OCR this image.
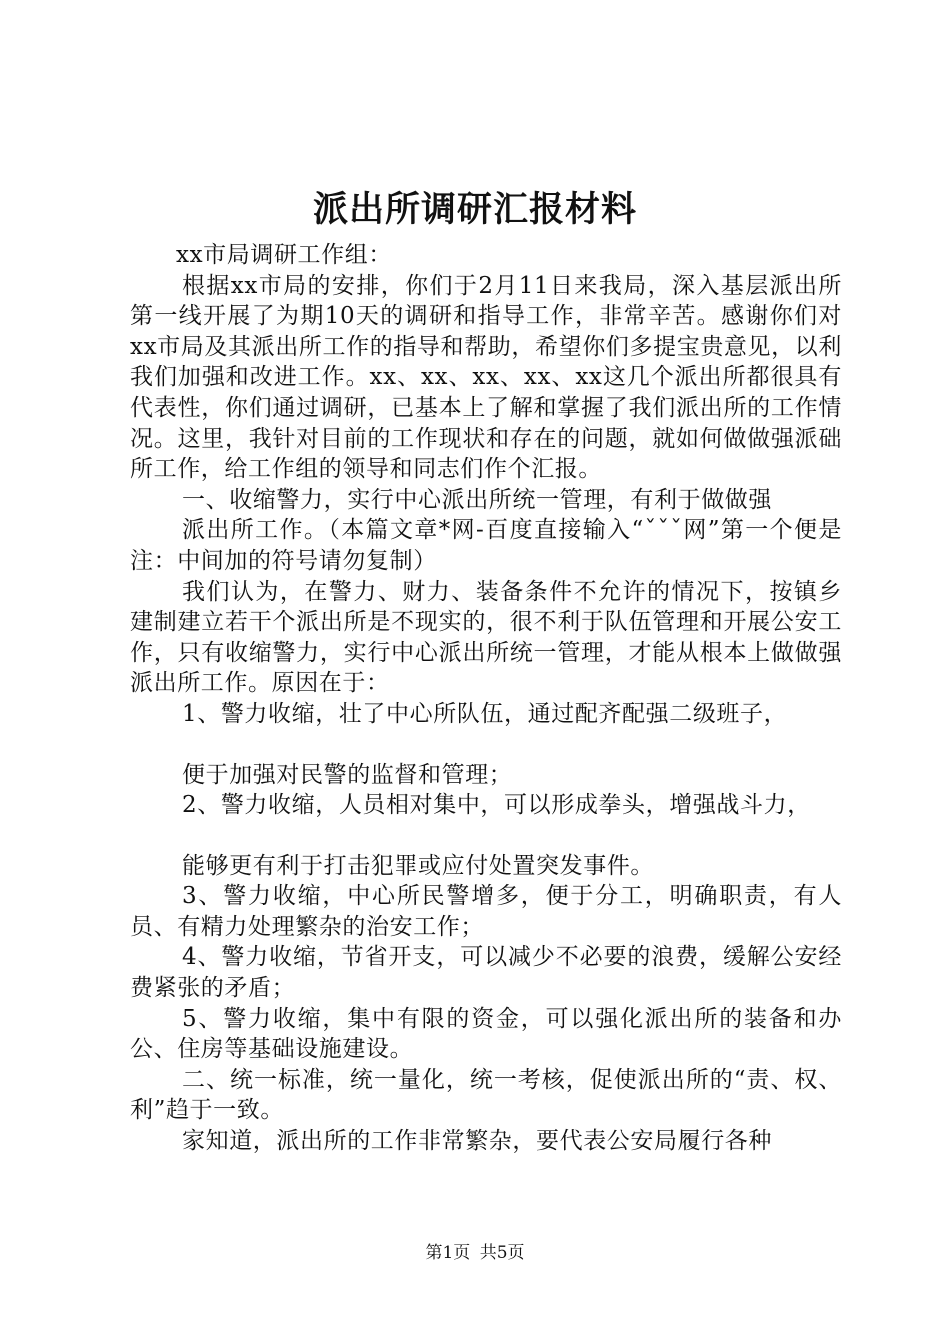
派出所调研汇报材料

xx市局调研工作组：

根据xx市局的安排，你们于2月11日来我局，深入基层派出所第一线开展了为期10天的调研和指导工作，非常辛苦。感谢你们对xx市局及其派出所工作的指导和帮助，希望你们多提宝贵意见，以利我们加强和改进工作。xx、xx、xx、xx、xx这几个派出所都很具有代表性，你们通过调研，已基本上了解和掌握了我们派出所的工作情况。这里，我针对目前的工作现状和存在的问题，就如何做做强派础所工作，给工作组的领导和同志们作个汇报。

一、收缩警力，实行中心派出所统一管理，有利于做做强

派出所工作。（本篇文章*网-百度直接输入“ˇˇˇ网”第一个便是注：中间加的符号请勿复制）

我们认为，在警力、财力、装备条件不允许的情况下，按镇乡建制建立若干个派出所是不现实的，很不利于队伍管理和开展公安工作，只有收缩警力，实行中心派出所统一管理，才能从根本上做做强派出所工作。原因在于：

1、警力收缩，壮了中心所队伍，通过配齐配强二级班子，

便于加强对民警的监督和管理；

2、警力收缩，人员相对集中，可以形成拳头，增强战斗力，

能够更有利于打击犯罪或应付处置突发事件。

3、警力收缩，中心所民警增多，便于分工，明确职责，有人员、有精力处理繁杂的治安工作；

4、警力收缩，节省开支，可以减少不必要的浪费，缓解公安经费紧张的矛盾；

5、警力收缩，集中有限的资金，可以强化派出所的装备和办公、住房等基础设施建设。

二、统一标准，统一量化，统一考核，促使派出所的“责、权、利”趋于一致。

家知道，派出所的工作非常繁杂，要代表公安局履行各种

第1页 共5页
